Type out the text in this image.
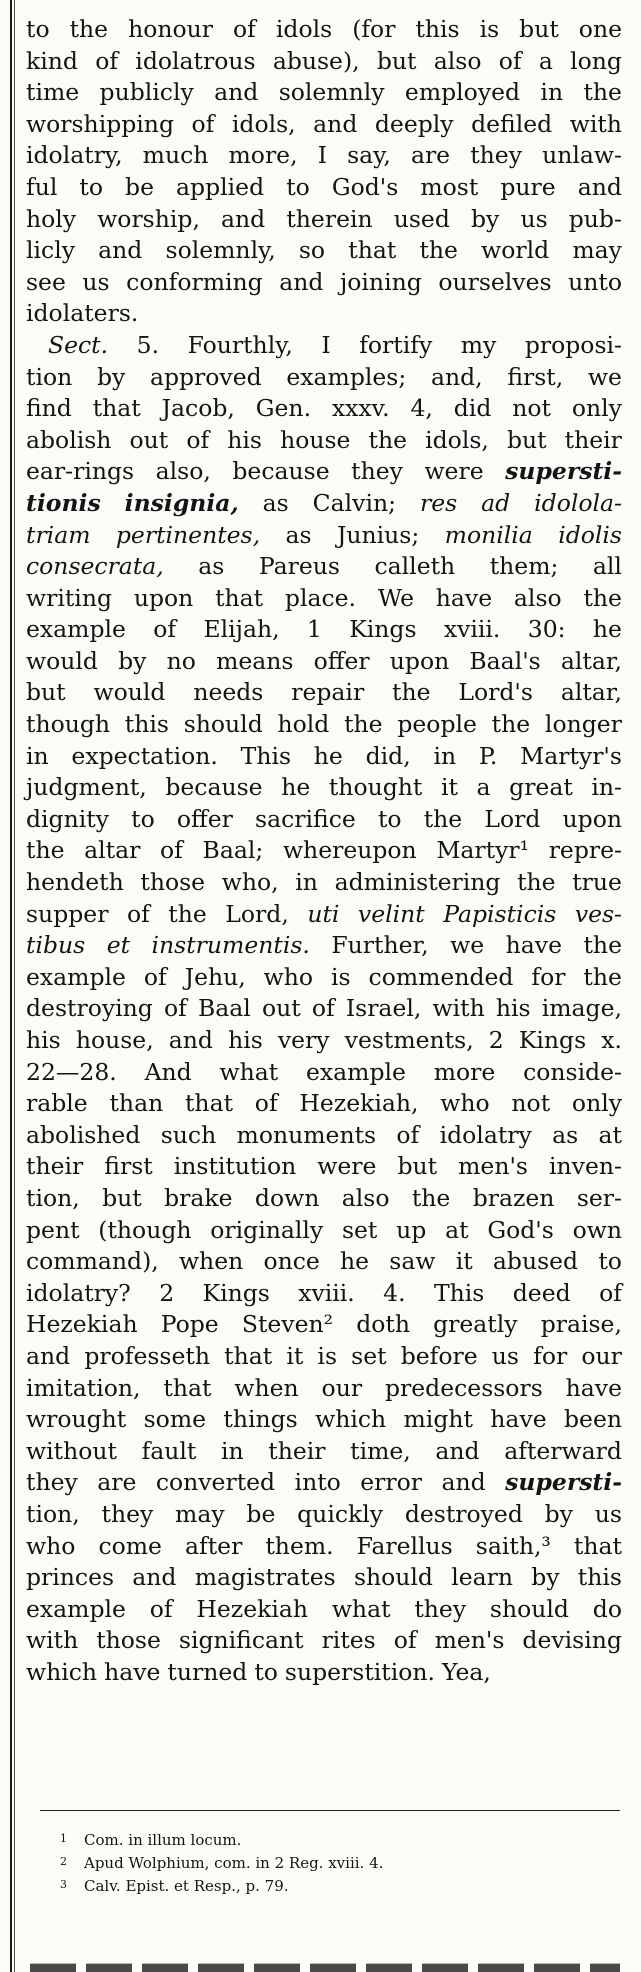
to the honour of idols (for this is but one
kind of idolatrous abuse), but also of a long
time publicly and solemnly employed in the
worshipping of idols, and deeply defiled with
idolatry, much more, I say, are they unlaw-
ful to be applied to God's most pure and
holy worship, and therein used by us pub-
licly and solemnly, so that the world may
see us conforming and joining ourselves unto
idolaters.
Sect. 5. Fourthly, I fortify my proposi-
tion by approved examples; and, first, we
find that Jacob, Gen. xxxv. 4, did not only
abolish out of his house the idols, but their
ear-rings also, because they were supersti-
tionis insignia, as Calvin; res ad idolola-
triam pertinentes, as Junius; monilia idolis
consecrata, as Pareus calleth them; all
writing upon that place. We have also the
example of Elijah, 1 Kings xviii. 30: he
would by no means offer upon Baal's altar,
but would needs repair the Lord's altar,
though this should hold the people the longer
in expectation. This he did, in P. Martyr's
judgment, because he thought it a great in-
dignity to offer sacrifice to the Lord upon
the altar of Baal; whereupon Martyr¹ repre-
hendeth those who, in administering the true
supper of the Lord, uti velint Papisticis ves-
tibus et instrumentis. Further, we have the
example of Jehu, who is commended for the
destroying of Baal out of Israel, with his image,
his house, and his very vestments, 2 Kings x.
22—28. And what example more conside-
rable than that of Hezekiah, who not only
abolished such monuments of idolatry as at
their first institution were but men's inven-
tion, but brake down also the brazen ser-
pent (though originally set up at God's own
command), when once he saw it abused to
idolatry? 2 Kings xviii. 4. This deed of
Hezekiah Pope Steven² doth greatly praise,
and professeth that it is set before us for our
imitation, that when our predecessors have
wrought some things which might have been
without fault in their time, and afterward
they are converted into error and supersti-
tion, they may be quickly destroyed by us
who come after them. Farellus saith,³ that
princes and magistrates should learn by this
example of Hezekiah what they should do
with those significant rites of men's devising
which have turned to superstition. Yea,
1 Com. in illum locum.
2 Apud Wolphium, com. in 2 Reg. xviii. 4.
3 Calv. Epist. et Resp., p. 79.
